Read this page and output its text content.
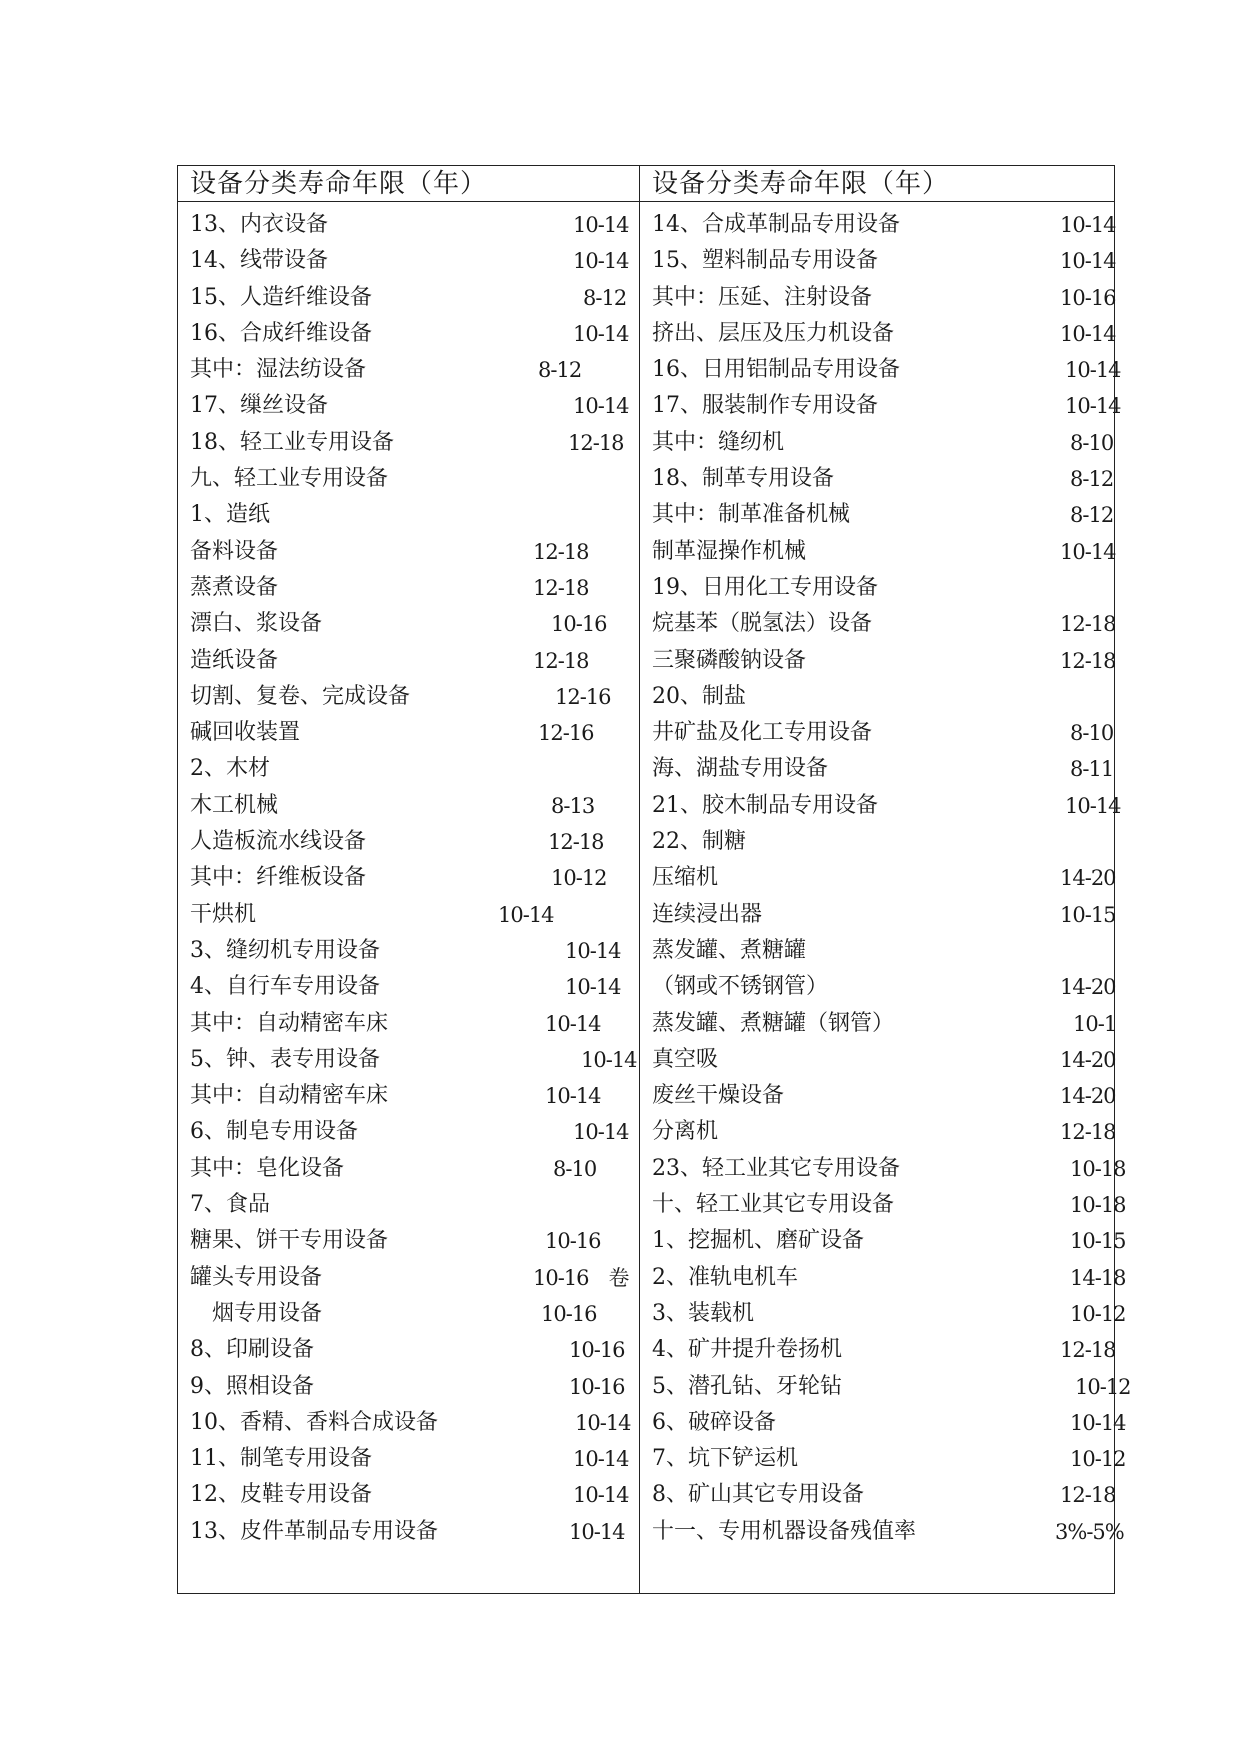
设备分类寿命年限（年）
13、内衣设备	10-14
14、线带设备	10-14
15、人造纤维设备	8-12
16、合成纤维设备	10-14
其中：湿法纺设备	8-12
17、缫丝设备	10-14
18、轻工业专用设备	12-18
九、轻工业专用设备
1、造纸
备料设备	12-18
蒸煮设备	12-18
漂白、浆设备	10-16
造纸设备	12-18
切割、复卷、完成设备	12-16
碱回收装置	12-16
2、木材
木工机械	8-13
人造板流水线设备	12-18
其中：纤维板设备	10-12
干烘机	10-14
3、缝纫机专用设备	10-14
4、自行车专用设备	10-14
其中：自动精密车床	10-14
5、钟、表专用设备	10-14
其中：自动精密车床	10-14
6、制皂专用设备	10-14
其中：皂化设备	8-10
7、食品
糖果、饼干专用设备	10-16
罐头专用设备	10-16　卷
　烟专用设备	10-16
8、印刷设备	10-16
9、照相设备	10-16
10、香精、香料合成设备	10-14
11、制笔专用设备	10-14
12、皮鞋专用设备	10-14
13、皮件革制品专用设备	10-14
设备分类寿命年限（年）
14、合成革制品专用设备	10-14
15、塑料制品专用设备	10-14
其中：压延、注射设备	10-16
挤出、层压及压力机设备	10-14
16、日用铝制品专用设备	10-14
17、服装制作专用设备	10-14
其中：缝纫机	8-10
18、制革专用设备	8-12
其中：制革准备机械	8-12
制革湿操作机械	10-14
19、日用化工专用设备
烷基苯（脱氢法）设备	12-18
三聚磷酸钠设备	12-18
20、制盐
井矿盐及化工专用设备	8-10
海、湖盐专用设备	8-11
21、胶木制品专用设备	10-14
22、制糖
压缩机	14-20
连续浸出器	10-15
蒸发罐、煮糖罐
（钢或不锈钢管）	14-20
蒸发罐、煮糖罐（钢管）	10-1
真空吸	14-20
废丝干燥设备	14-20
分离机	12-18
23、轻工业其它专用设备	10-18
十、轻工业其它专用设备	10-18
1、挖掘机、磨矿设备	10-15
2、准轨电机车	14-18
3、装载机	10-12
4、矿井提升卷扬机	12-18
5、潜孔钻、牙轮钻	10-12
6、破碎设备	10-14
7、坑下铲运机	10-12
8、矿山其它专用设备	12-18
十一、专用机器设备残值率	3%-5%
